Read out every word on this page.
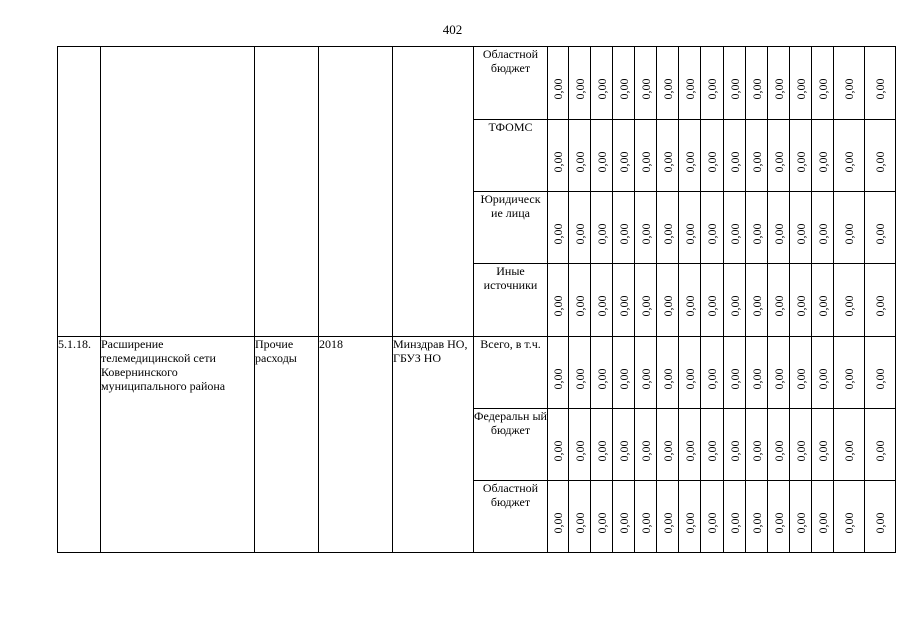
402
					Областной бюджет	0,00	0,00	0,00	0,00	0,00	0,00	0,00	0,00	0,00	0,00	0,00	0,00	0,00	0,00	0,00

					ТФОМС	0,00	0,00	0,00	0,00	0,00	0,00	0,00	0,00	0,00	0,00	0,00	0,00	0,00	0,00	0,00

					Юридическ ие лица	0,00	0,00	0,00	0,00	0,00	0,00	0,00	0,00	0,00	0,00	0,00	0,00	0,00	0,00	0,00

					Иные источники	0,00	0,00	0,00	0,00	0,00	0,00	0,00	0,00	0,00	0,00	0,00	0,00	0,00	0,00	0,00

5.1.18.	Расширение телемедицинской сети Ковернинского муниципального района	Прочие расходы	2018	Минздрав НО, ГБУЗ НО	Всего, в т.ч.	0,00	0,00	0,00	0,00	0,00	0,00	0,00	0,00	0,00	0,00	0,00	0,00	0,00	0,00	0,00

					Федеральн ый бюджет	0,00	0,00	0,00	0,00	0,00	0,00	0,00	0,00	0,00	0,00	0,00	0,00	0,00	0,00	0,00

					Областной бюджет	0,00	0,00	0,00	0,00	0,00	0,00	0,00	0,00	0,00	0,00	0,00	0,00	0,00	0,00	0,00
